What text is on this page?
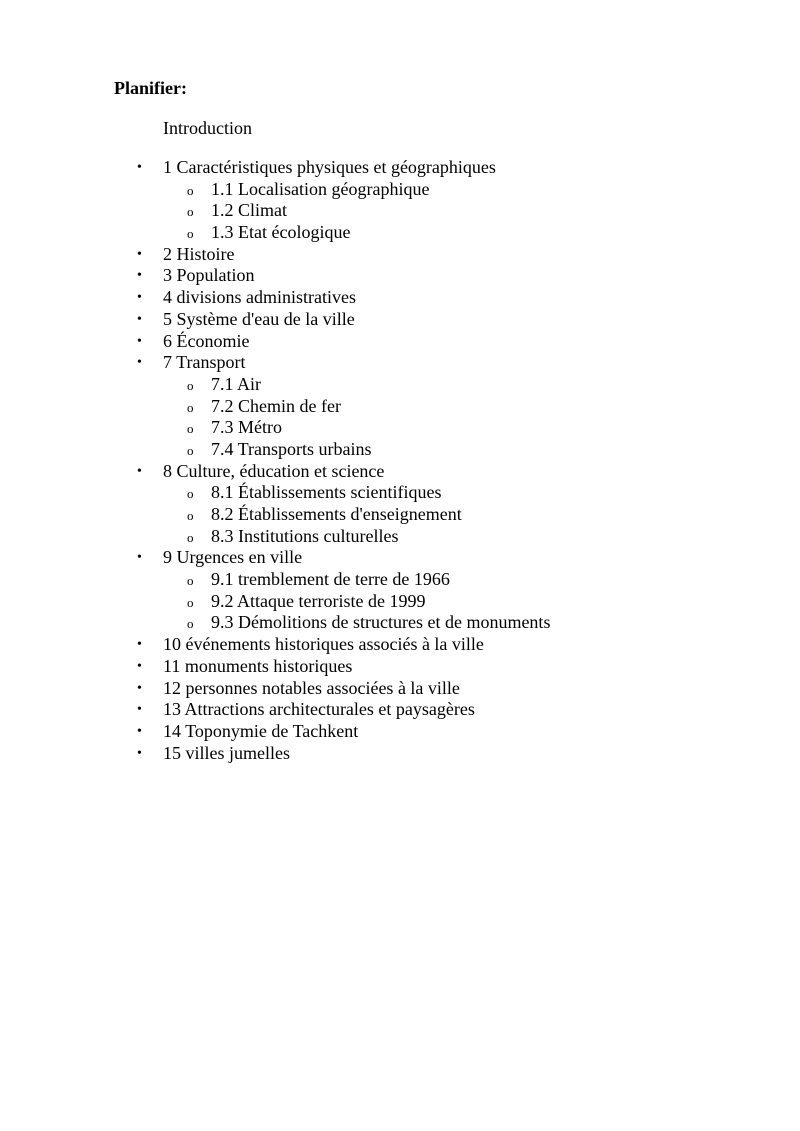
Planifier:
Introduction
• 1 Caractéristiques physiques et géographiques
o 1.1 Localisation géographique
o 1.2 Climat
o 1.3 Etat écologique
• 2 Histoire
• 3 Population
• 4 divisions administratives
• 5 Système d'eau de la ville
• 6 Économie
• 7 Transport
o 7.1 Air
o 7.2 Chemin de fer
o 7.3 Métro
o 7.4 Transports urbains
• 8 Culture, éducation et science
o 8.1 Établissements scientifiques
o 8.2 Établissements d'enseignement
o 8.3 Institutions culturelles
• 9 Urgences en ville
o 9.1 tremblement de terre de 1966
o 9.2 Attaque terroriste de 1999
o 9.3 Démolitions de structures et de monuments
• 10 événements historiques associés à la ville
• 11 monuments historiques
• 12 personnes notables associées à la ville
• 13 Attractions architecturales et paysagères
• 14 Toponymie de Tachkent
• 15 villes jumelles
